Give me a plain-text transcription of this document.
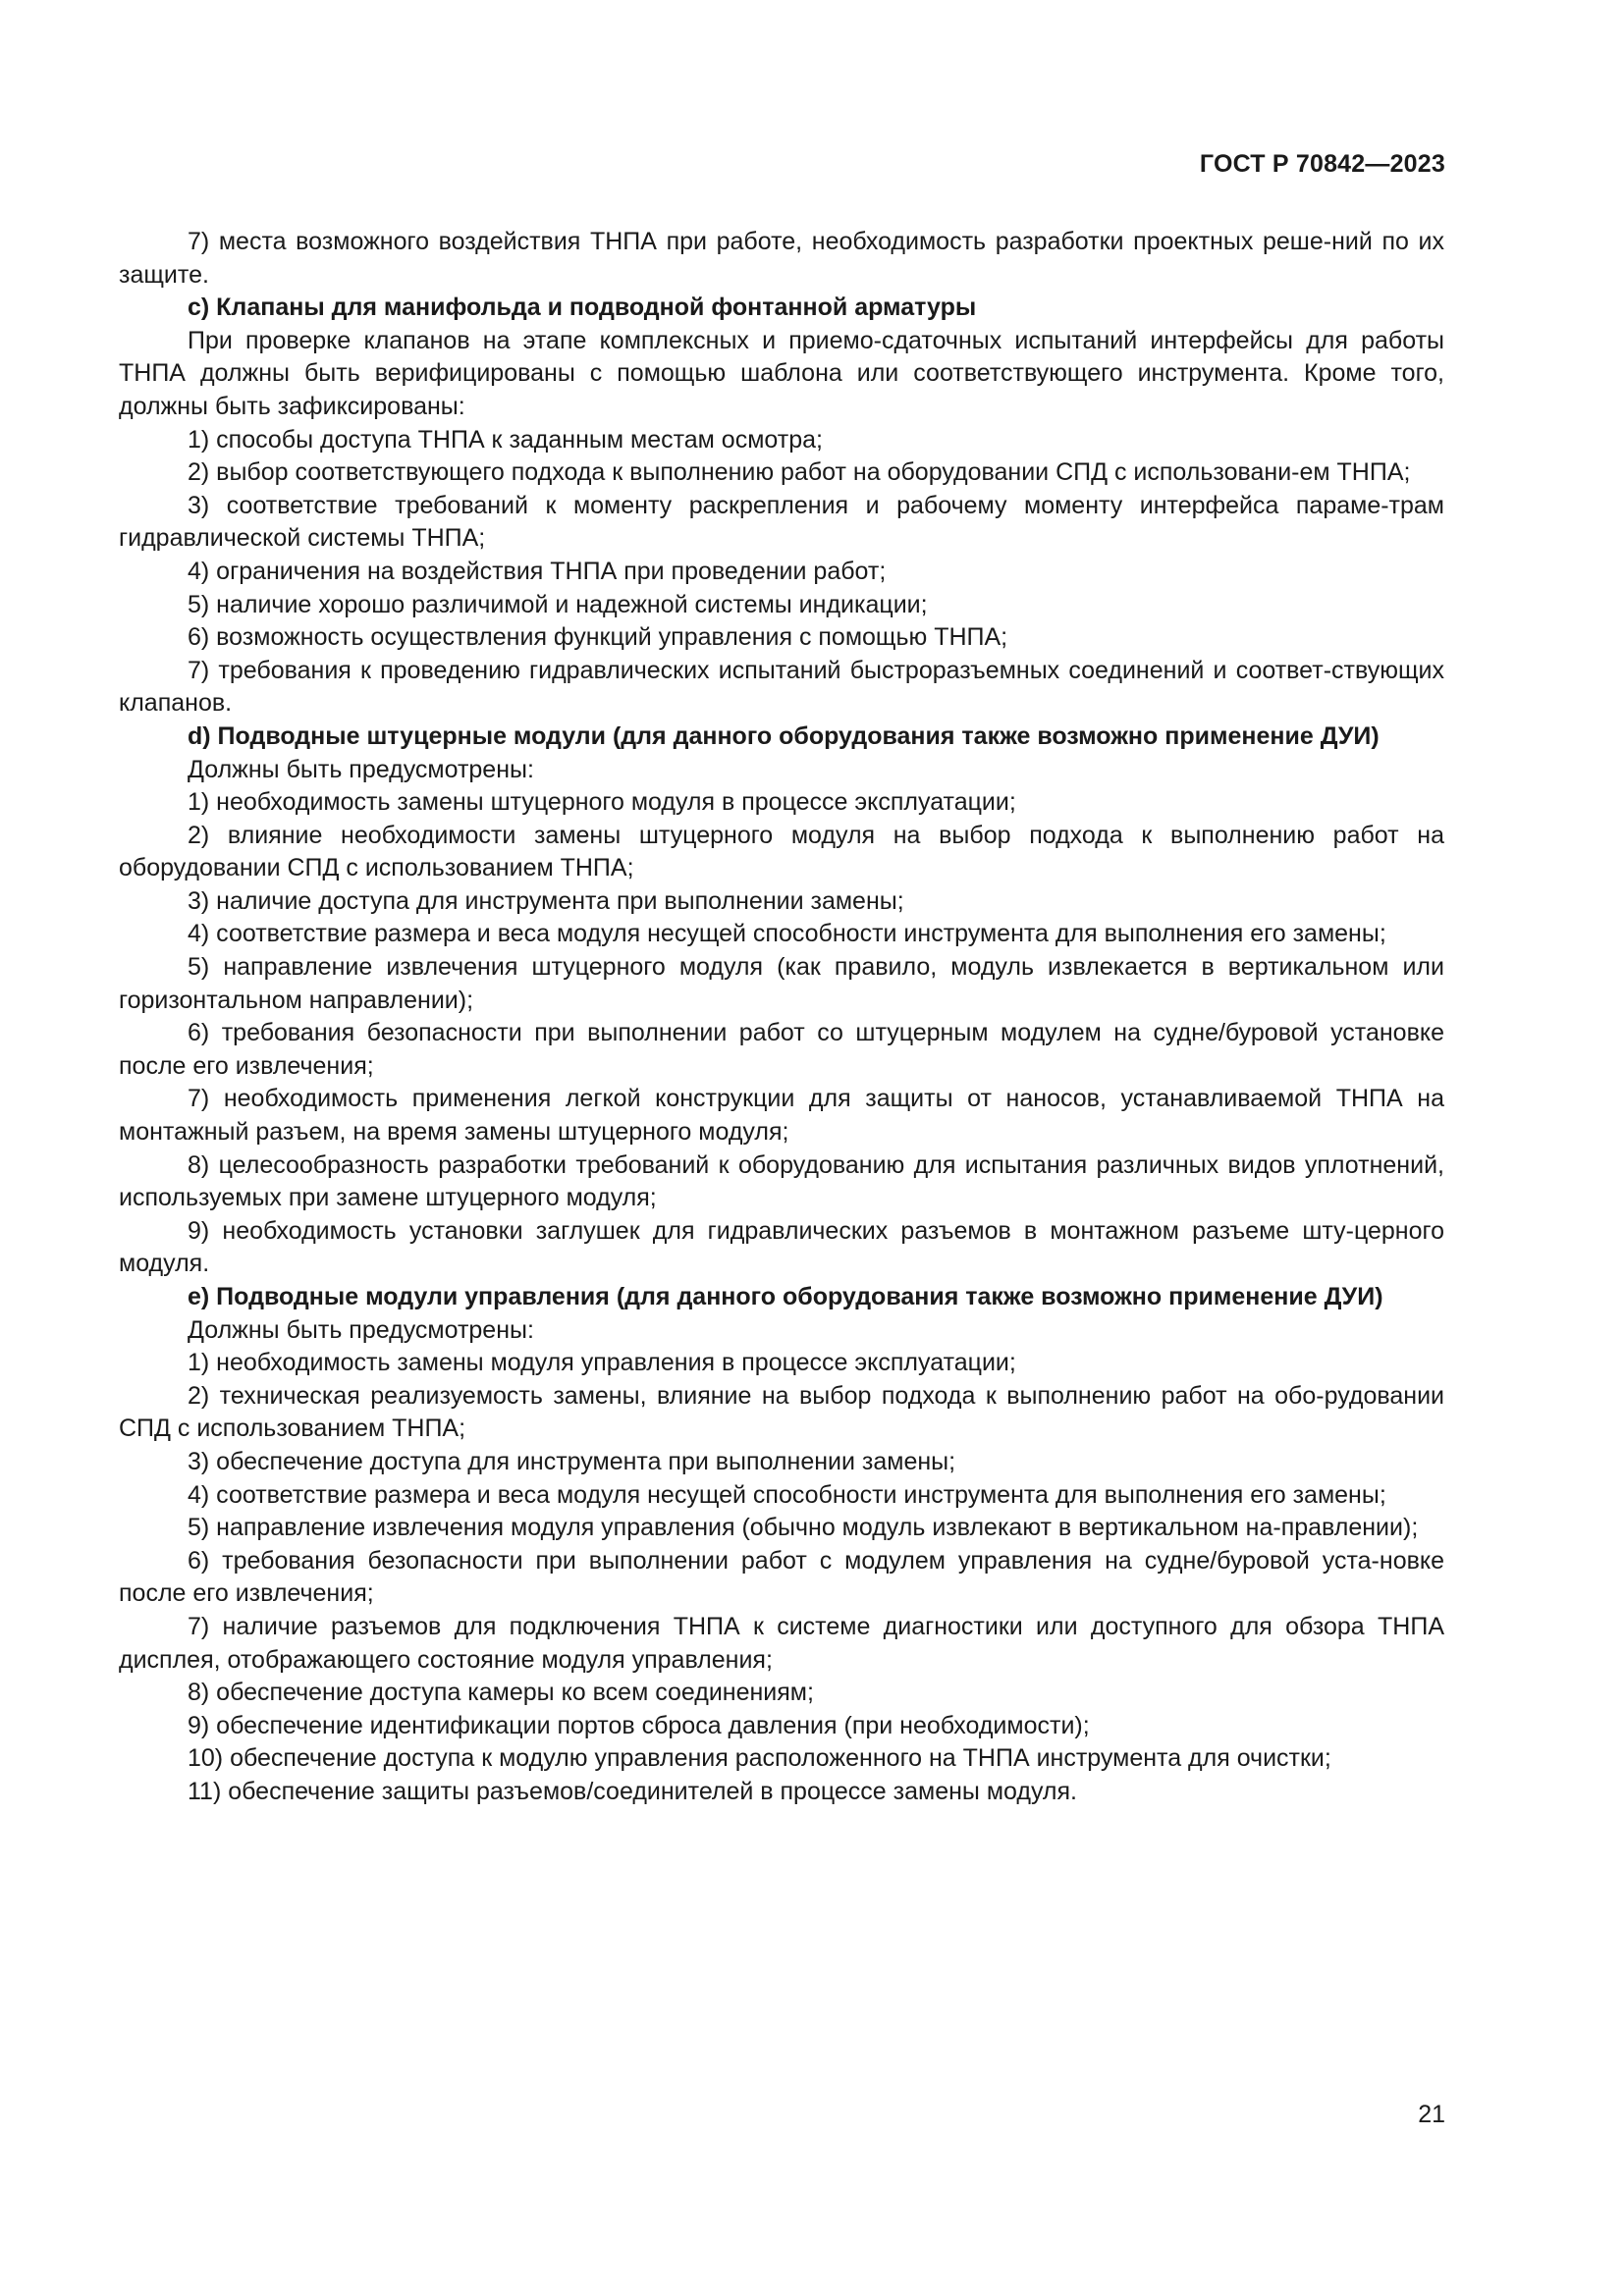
ГОСТ Р 70842—2023

7) места возможного воздействия ТНПА при работе, необходимость разработки проектных реше-ний по их защите.

c) Клапаны для манифольда и подводной фонтанной арматуры

При проверке клапанов на этапе комплексных и приемо-сдаточных испытаний интерфейсы для работы ТНПА должны быть верифицированы с помощью шаблона или соответствующего инструмента. Кроме того, должны быть зафиксированы:

1) способы доступа ТНПА к заданным местам осмотра;

2) выбор соответствующего подхода к выполнению работ на оборудовании СПД с использовани-ем ТНПА;

3) соответствие требований к моменту раскрепления и рабочему моменту интерфейса параме-трам гидравлической системы ТНПА;

4) ограничения на воздействия ТНПА при проведении работ;

5) наличие хорошо различимой и надежной системы индикации;

6) возможность осуществления функций управления с помощью ТНПА;

7) требования к проведению гидравлических испытаний быстроразъемных соединений и соответ-ствующих клапанов.

d) Подводные штуцерные модули (для данного оборудования также возможно применение ДУИ)

Должны быть предусмотрены:

1) необходимость замены штуцерного модуля в процессе эксплуатации;

2) влияние необходимости замены штуцерного модуля на выбор подхода к выполнению работ на оборудовании СПД с использованием ТНПА;

3) наличие доступа для инструмента при выполнении замены;

4) соответствие размера и веса модуля несущей способности инструмента для выполнения его замены;

5) направление извлечения штуцерного модуля (как правило, модуль извлекается в вертикальном или горизонтальном направлении);

6) требования безопасности при выполнении работ со штуцерным модулем на судне/буровой установке после его извлечения;

7) необходимость применения легкой конструкции для защиты от наносов, устанавливаемой ТНПА на монтажный разъем, на время замены штуцерного модуля;

8) целесообразность разработки требований к оборудованию для испытания различных видов уплотнений, используемых при замене штуцерного модуля;

9) необходимость установки заглушек для гидравлических разъемов в монтажном разъеме шту-церного модуля.

e) Подводные модули управления (для данного оборудования также возможно применение ДУИ)

Должны быть предусмотрены:

1) необходимость замены модуля управления в процессе эксплуатации;

2) техническая реализуемость замены, влияние на выбор подхода к выполнению работ на обо-рудовании СПД с использованием ТНПА;

3) обеспечение доступа для инструмента при выполнении замены;

4) соответствие размера и веса модуля несущей способности инструмента для выполнения его замены;

5) направление извлечения модуля управления (обычно модуль извлекают в вертикальном на-правлении);

6) требования безопасности при выполнении работ с модулем управления на судне/буровой уста-новке после его извлечения;

7) наличие разъемов для подключения ТНПА к системе диагностики или доступного для обзора ТНПА дисплея, отображающего состояние модуля управления;

8) обеспечение доступа камеры ко всем соединениям;

9) обеспечение идентификации портов сброса давления (при необходимости);

10) обеспечение доступа к модулю управления расположенного на ТНПА инструмента для очистки;

11) обеспечение защиты разъемов/соединителей в процессе замены модуля.

21
